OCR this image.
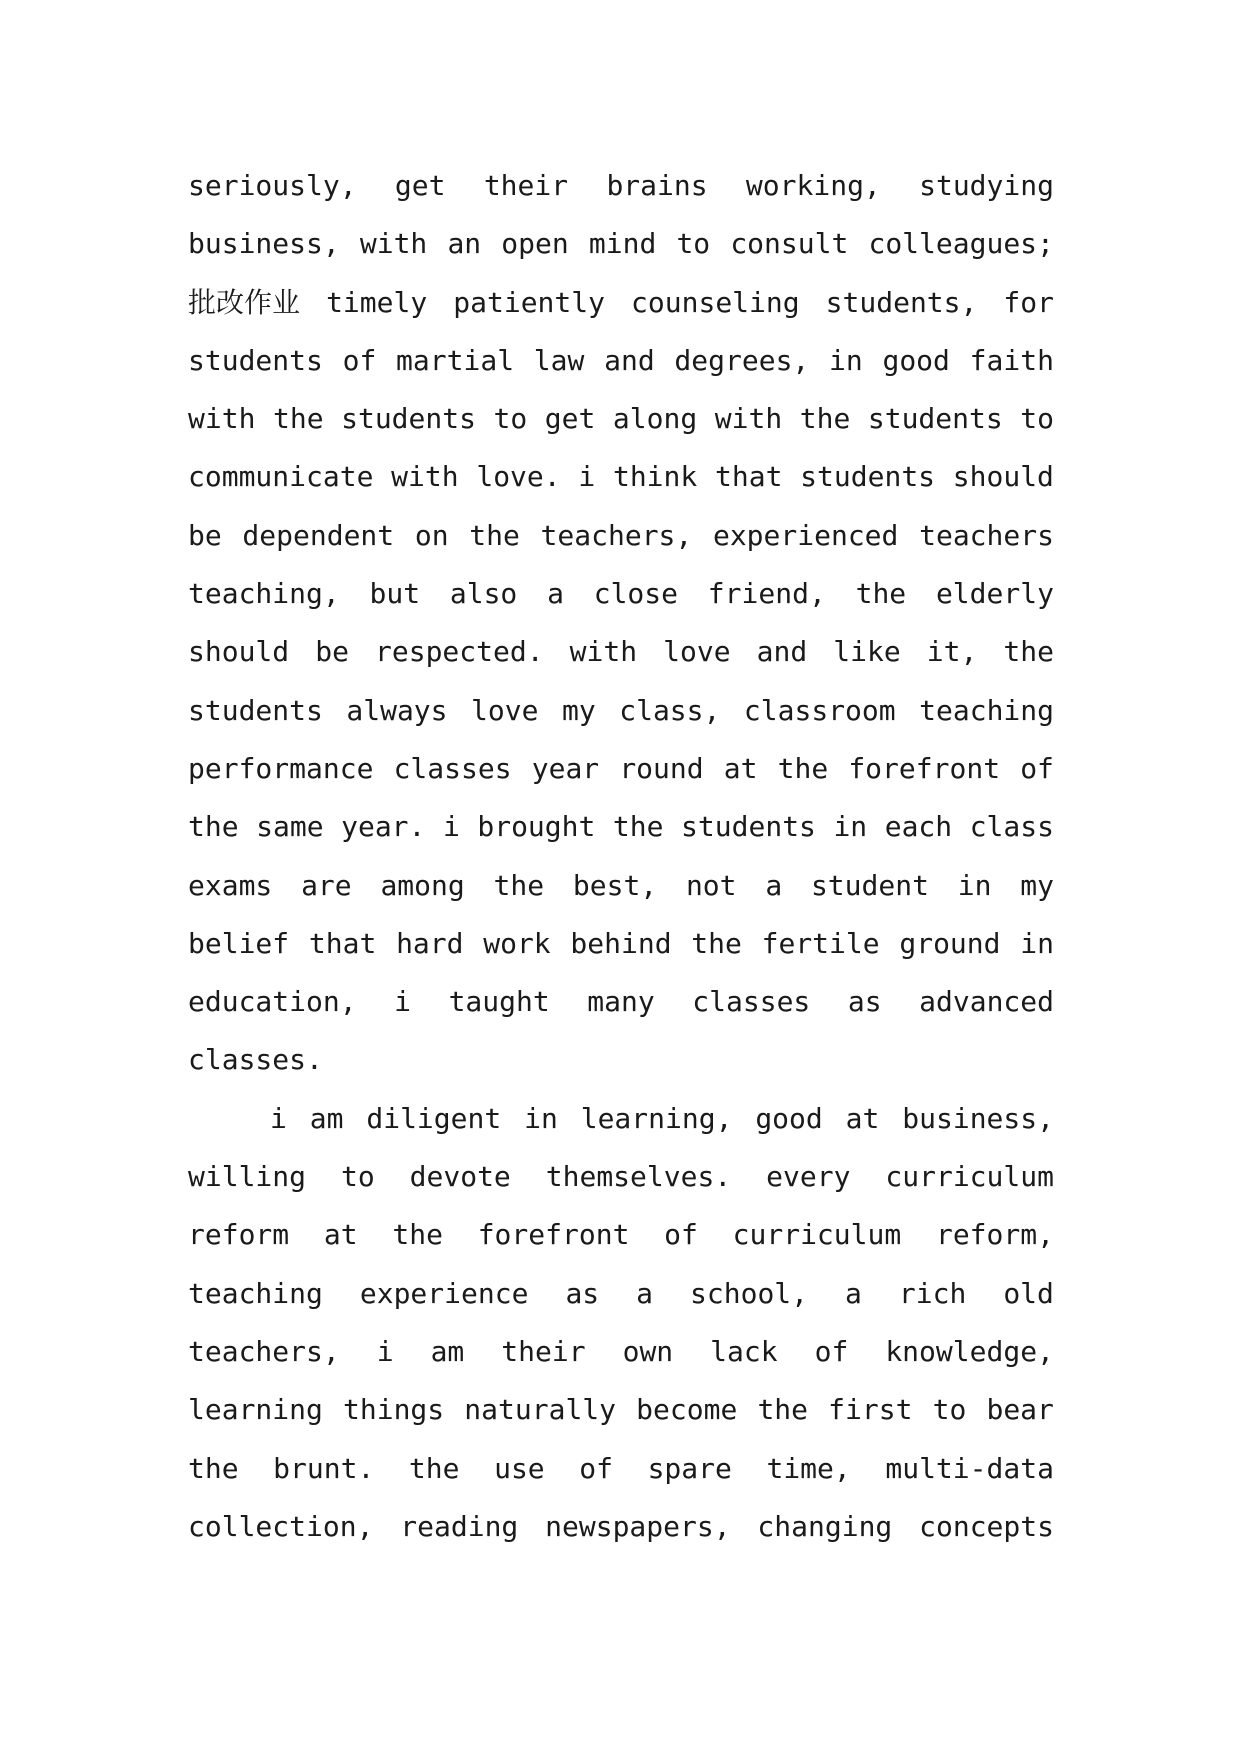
seriously, get their brains working, studying
business, with an open mind to consult colleagues;
批改作业 timely patiently counseling students, for
students of martial law and degrees, in good faith
with the students to get along with the students to
communicate with love. i think that students should
be dependent on the teachers, experienced teachers
teaching, but also a close friend, the elderly
should be respected. with love and like it, the
students always love my class, classroom teaching
performance classes year round at the forefront of
the same year. i brought the students in each class
exams are among the best, not a student in my
belief that hard work behind the fertile ground in
education, i taught many classes as advanced
classes.
i am diligent in learning, good at business,
willing to devote themselves. every curriculum
reform at the forefront of curriculum reform,
teaching experience as a school, a rich old
teachers, i am their own lack of knowledge,
learning things naturally become the first to bear
the brunt. the use of spare time, multi-data
collection, reading newspapers, changing concepts
